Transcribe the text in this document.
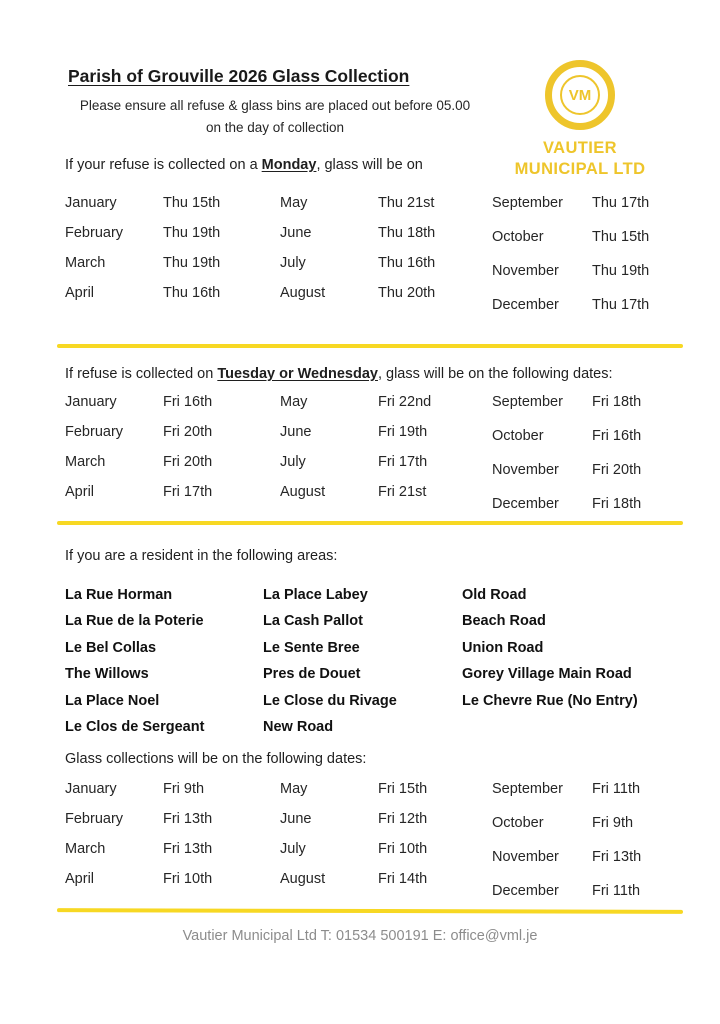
Parish of Grouville 2026 Glass Collection
Please ensure all refuse & glass bins are placed out before 05.00
on the day of collection
VM
VAUTIER
MUNICIPAL LTD
If your refuse is collected on a Monday, glass will be on
January	Thu 15th
February	Thu 19th
March	Thu 19th
April	Thu 16th
May	Thu 21st
June	Thu 18th
July	Thu 16th
August	Thu 20th
September	Thu 17th
October	Thu 15th
November	Thu 19th
December	Thu 17th
If refuse is collected on Tuesday or Wednesday, glass will be on the following dates:
January	Fri 16th
February	Fri 20th
March	Fri 20th
April	Fri 17th
May	Fri 22nd
June	Fri 19th
July	Fri 17th
August	Fri 21st
September	Fri 18th
October	Fri 16th
November	Fri 20th
December	Fri 18th
If you are a resident in the following areas:
La Rue Horman
La Rue de la Poterie
Le Bel Collas
The Willows
La Place Noel
Le Clos de Sergeant
La Place Labey
La Cash Pallot
Le Sente Bree
Pres de Douet
Le Close du Rivage
New Road
Old Road
Beach Road
Union Road
Gorey Village Main Road
Le Chevre Rue (No Entry)
Glass collections will be on the following dates:
January	Fri 9th
February	Fri 13th
March	Fri 13th
April	Fri 10th
May	Fri 15th
June	Fri 12th
July	Fri 10th
August	Fri 14th
September	Fri 11th
October	Fri 9th
November	Fri 13th
December	Fri 11th
Vautier Municipal Ltd T: 01534 500191 E: office@vml.je
